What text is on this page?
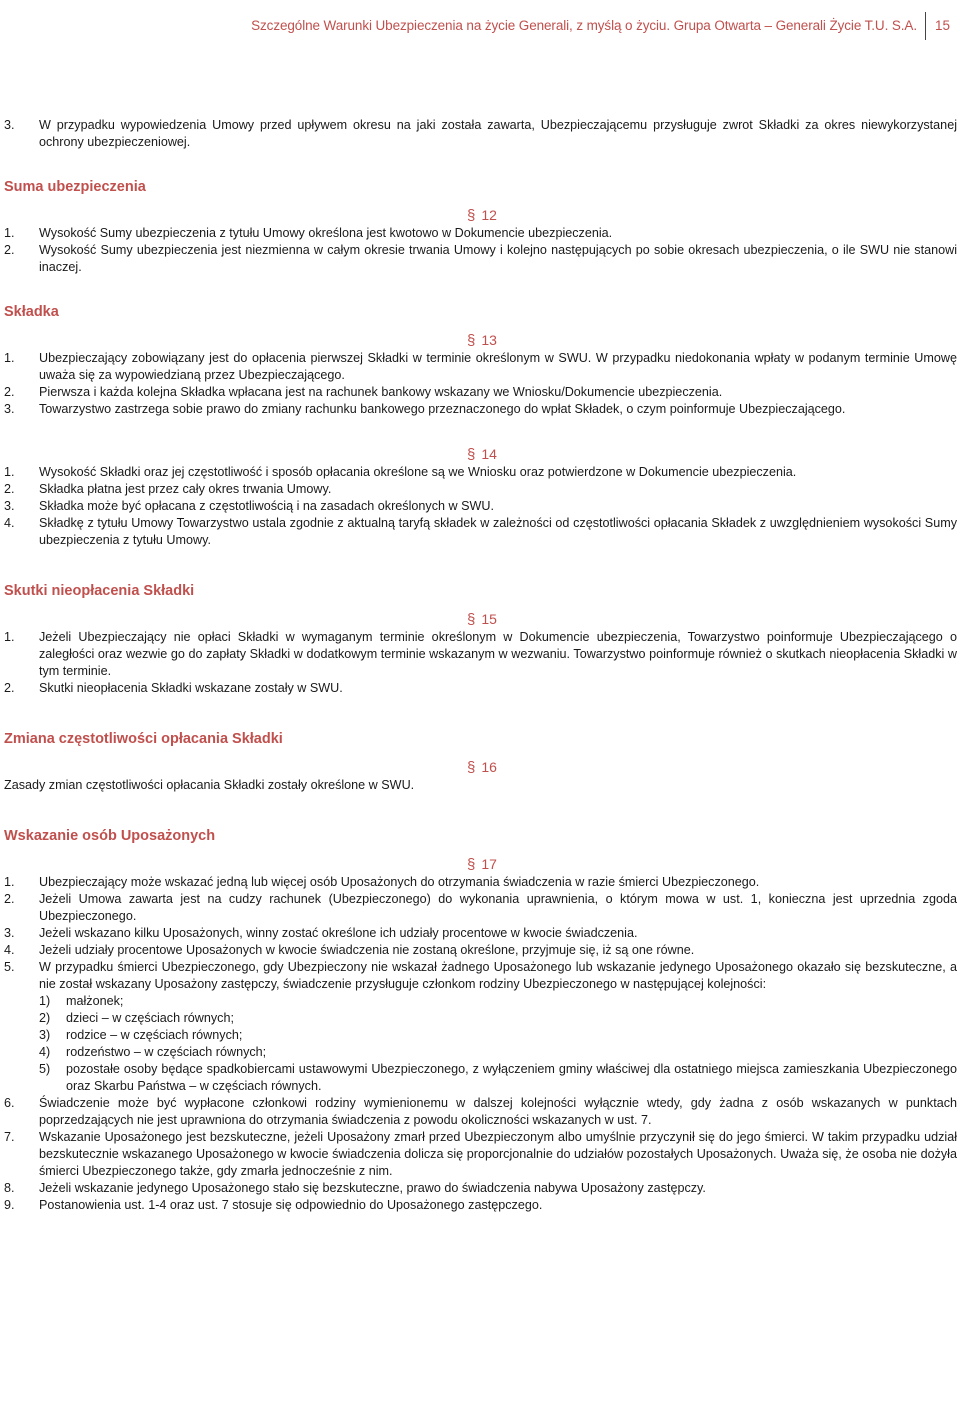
Szczególne Warunki Ubezpieczenia na życie Generali, z myślą o życiu. Grupa Otwarta – Generali Życie T.U. S.A. 15
3. W przypadku wypowiedzenia Umowy przed upływem okresu na jaki została zawarta, Ubezpieczającemu przysługuje zwrot Składki za okres niewykorzystanej ochrony ubezpieczeniowej.
Suma ubezpieczenia
§ 12
1. Wysokość Sumy ubezpieczenia z tytułu Umowy określona jest kwotowo w Dokumencie ubezpieczenia.
2. Wysokość Sumy ubezpieczenia jest niezmienna w całym okresie trwania Umowy i kolejno następujących po sobie okresach ubezpieczenia, o ile SWU nie stanowi inaczej.
Składka
§ 13
1. Ubezpieczający zobowiązany jest do opłacenia pierwszej Składki w terminie określonym w SWU. W przypadku niedokonania wpłaty w podanym terminie Umowę uważa się za wypowiedzianą przez Ubezpieczającego.
2. Pierwsza i każda kolejna Składka wpłacana jest na rachunek bankowy wskazany we Wniosku/Dokumencie ubezpieczenia.
3. Towarzystwo zastrzega sobie prawo do zmiany rachunku bankowego przeznaczonego do wpłat Składek, o czym poinformuje Ubezpieczającego.
§ 14
1. Wysokość Składki oraz jej częstotliwość i sposób opłacania określone są we Wniosku oraz potwierdzone w Dokumencie ubezpieczenia.
2. Składka płatna jest przez cały okres trwania Umowy.
3. Składka może być opłacana z częstotliwością i na zasadach określonych w SWU.
4. Składkę z tytułu Umowy Towarzystwo ustala zgodnie z aktualną taryfą składek w zależności od częstotliwości opłacania Składek z uwzględnieniem wysokości Sumy ubezpieczenia z tytułu Umowy.
Skutki nieopłacenia Składki
§ 15
1. Jeżeli Ubezpieczający nie opłaci Składki w wymaganym terminie określonym w Dokumencie ubezpieczenia, Towarzystwo poinformuje Ubezpieczającego o zaległości oraz wezwie go do zapłaty Składki w dodatkowym terminie wskazanym w wezwaniu. Towarzystwo poinformuje również o skutkach nieopłacenia Składki w tym terminie.
2. Skutki nieopłacenia Składki wskazane zostały w SWU.
Zmiana częstotliwości opłacania Składki
§ 16
Zasady zmian częstotliwości opłacania Składki zostały określone w SWU.
Wskazanie osób Uposażonych
§ 17
1. Ubezpieczający może wskazać jedną lub więcej osób Uposażonych do otrzymania świadczenia w razie śmierci Ubezpieczonego.
2. Jeżeli Umowa zawarta jest na cudzy rachunek (Ubezpieczonego) do wykonania uprawnienia, o którym mowa w ust. 1, konieczna jest uprzednia zgoda Ubezpieczonego.
3. Jeżeli wskazano kilku Uposażonych, winny zostać określone ich udziały procentowe w kwocie świadczenia.
4. Jeżeli udziały procentowe Uposażonych w kwocie świadczenia nie zostaną określone, przyjmuje się, iż są one równe.
5. W przypadku śmierci Ubezpieczonego, gdy Ubezpieczony nie wskazał żadnego Uposażonego lub wskazanie jedynego Uposażonego okazało się bezskuteczne, a nie został wskazany Uposażony zastępczy, świadczenie przysługuje członkom rodziny Ubezpieczonego w następującej kolejności:
1) małżonek;
2) dzieci – w częściach równych;
3) rodzice – w częściach równych;
4) rodzeństwo – w częściach równych;
5) pozostałe osoby będące spadkobiercami ustawowymi Ubezpieczonego, z wyłączeniem gminy właściwej dla ostatniego miejsca zamieszkania Ubezpieczonego oraz Skarbu Państwa – w częściach równych.
6. Świadczenie może być wypłacone członkowi rodziny wymienionemu w dalszej kolejności wyłącznie wtedy, gdy żadna z osób wskazanych w punktach poprzedzających nie jest uprawniona do otrzymania świadczenia z powodu okoliczności wskazanych w ust. 7.
7. Wskazanie Uposażonego jest bezskuteczne, jeżeli Uposażony zmarł przed Ubezpieczonym albo umyślnie przyczynił się do jego śmierci. W takim przypadku udział bezskutecznie wskazanego Uposażonego w kwocie świadczenia dolicza się proporcjonalnie do udziałów pozostałych Uposażonych. Uważa się, że osoba nie dożyła śmierci Ubezpieczonego także, gdy zmarła jednocześnie z nim.
8. Jeżeli wskazanie jedynego Uposażonego stało się bezskuteczne, prawo do świadczenia nabywa Uposażony zastępczy.
9. Postanowienia ust. 1-4 oraz ust. 7 stosuje się odpowiednio do Uposażonego zastępczego.
